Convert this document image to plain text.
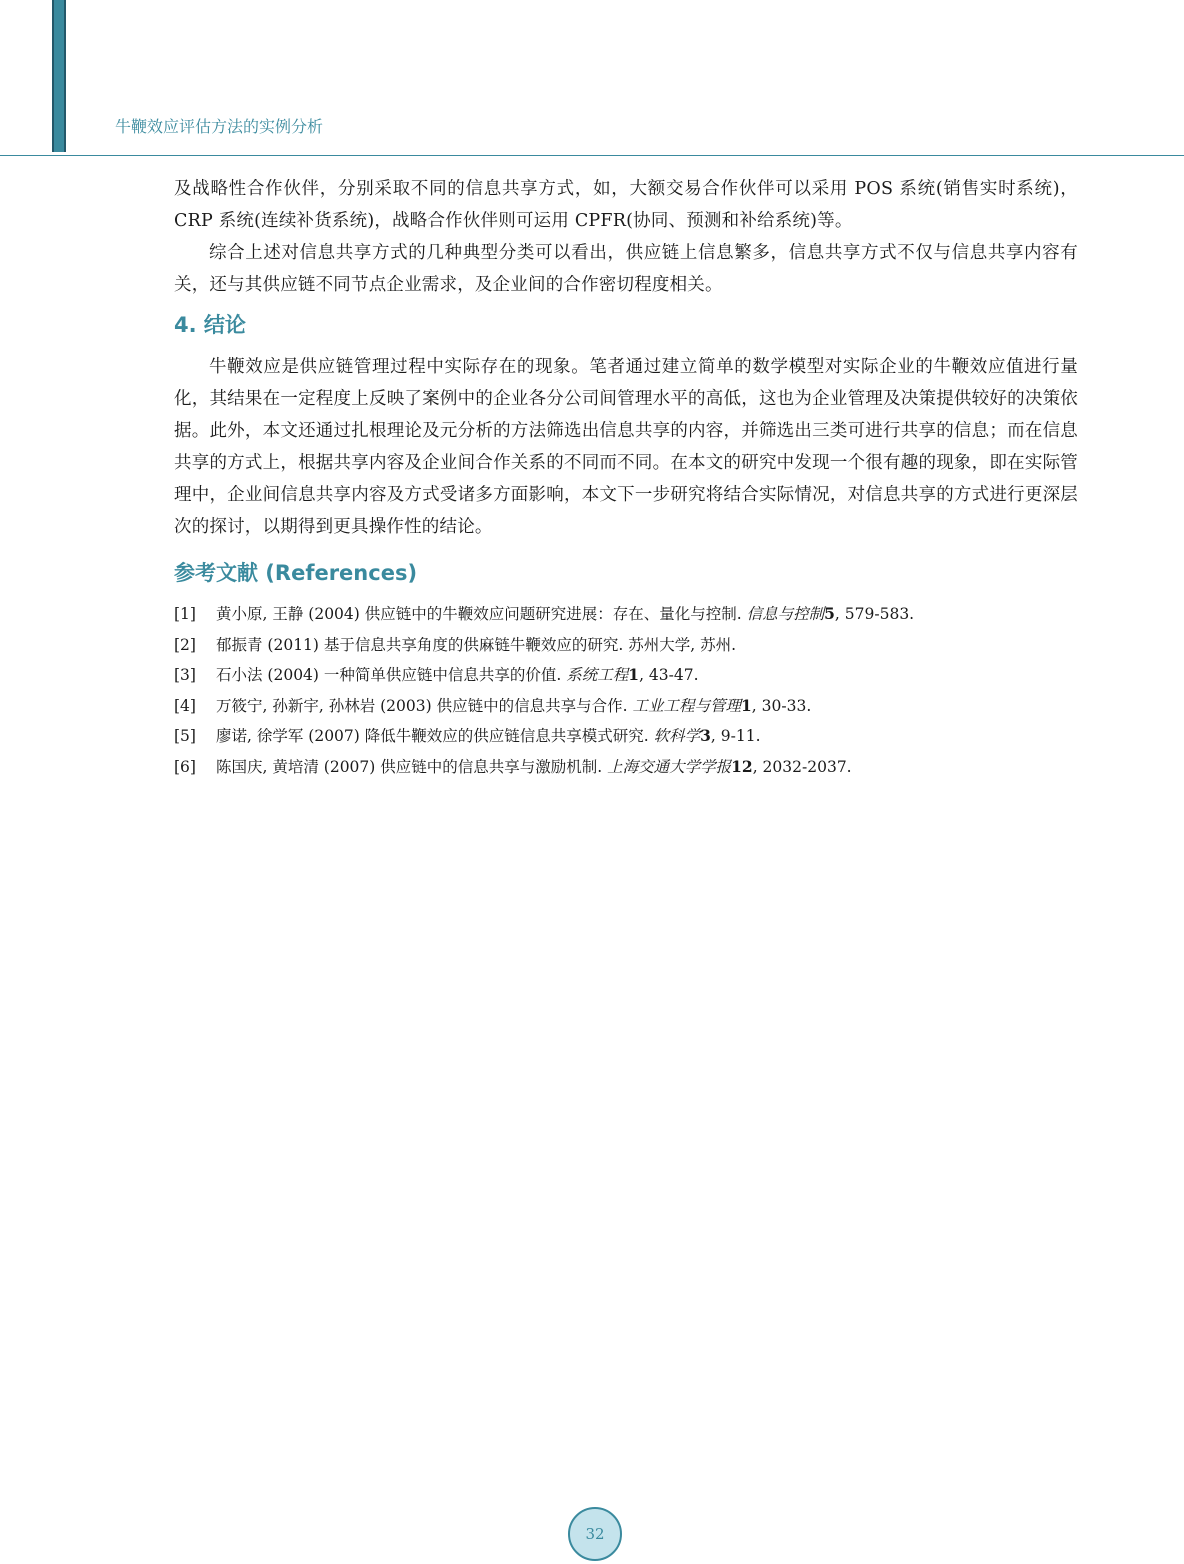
牛鞭效应评估方法的实例分析

及战略性合作伙伴，分别采取不同的信息共享方式，如，大额交易合作伙伴可以采用 POS 系统(销售实时系统)，CRP 系统(连续补货系统)，战略合作伙伴则可运用 CPFR(协同、预测和补给系统)等。

综合上述对信息共享方式的几种典型分类可以看出，供应链上信息繁多，信息共享方式不仅与信息共享内容有关，还与其供应链不同节点企业需求，及企业间的合作密切程度相关。

4. 结论

牛鞭效应是供应链管理过程中实际存在的现象。笔者通过建立简单的数学模型对实际企业的牛鞭效应值进行量化，其结果在一定程度上反映了案例中的企业各分公司间管理水平的高低，这也为企业管理及决策提供较好的决策依据。此外，本文还通过扎根理论及元分析的方法筛选出信息共享的内容，并筛选出三类可进行共享的信息；而在信息共享的方式上，根据共享内容及企业间合作关系的不同而不同。在本文的研究中发现一个很有趣的现象，即在实际管理中，企业间信息共享内容及方式受诸多方面影响，本文下一步研究将结合实际情况，对信息共享的方式进行更深层次的探讨，以期得到更具操作性的结论。

参考文献 (References)
[1]	黄小原, 王静 (2004) 供应链中的牛鞭效应问题研究进展：存在、量化与控制. 信息与控制5, 579-583.
[2]	郁振青 (2011) 基于信息共享角度的供麻链牛鞭效应的研究. 苏州大学, 苏州.
[3]	石小法 (2004) 一种简单供应链中信息共享的价值. 系统工程1, 43-47.
[4]	万筱宁, 孙新宇, 孙林岩 (2003) 供应链中的信息共享与合作. 工业工程与管理1, 30-33.
[5]	廖诺, 徐学军 (2007) 降低牛鞭效应的供应链信息共享模式研究. 软科学3, 9-11.
[6]	陈国庆, 黄培清 (2007) 供应链中的信息共享与激励机制. 上海交通大学学报12, 2032-2037.
32
